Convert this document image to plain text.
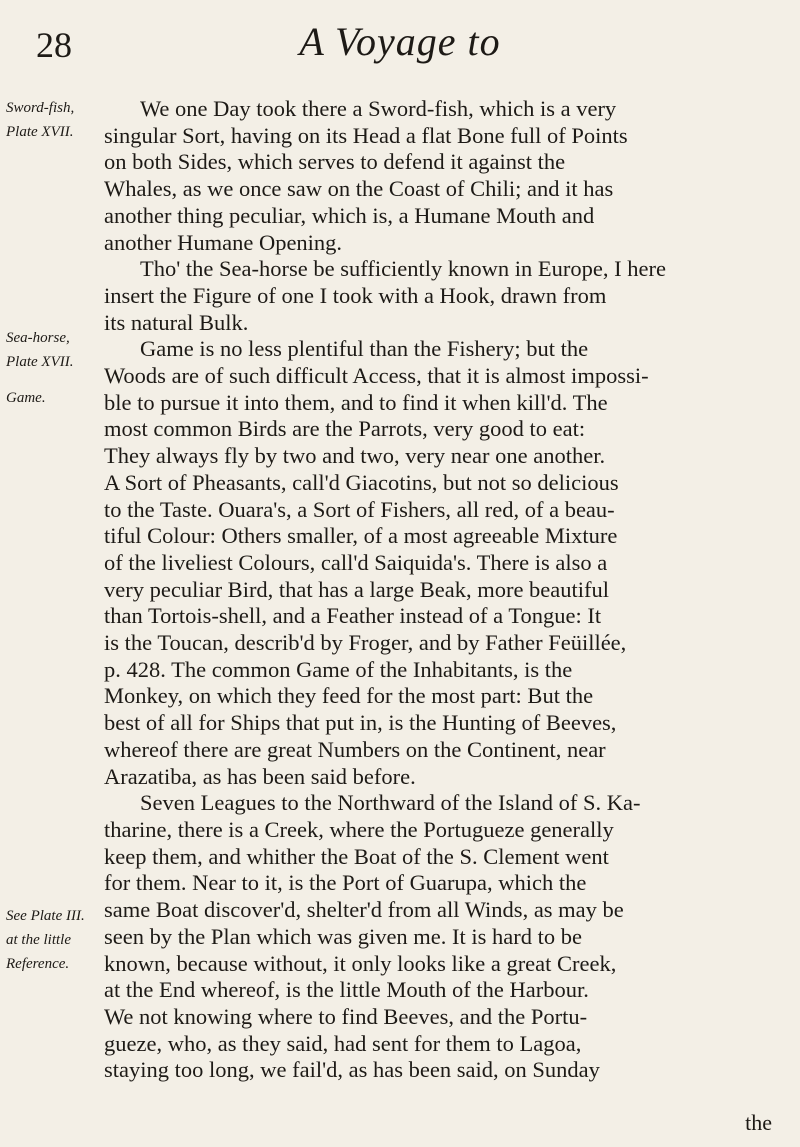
28	A Voyage to
Sword-fish,
Plate XVII.
Sea-horse,
Plate XVII.
Game.
See Plate III.
at the little
Reference.

We one Day took there a Sword-fish, which is a very
singular Sort, having on its Head a flat Bone full of Points
on both Sides, which serves to defend it against the
Whales, as we once saw on the Coast of Chili; and it has
another thing peculiar, which is, a Humane Mouth and
another Humane Opening.

Tho' the Sea-horse be sufficiently known in Europe, I here
insert the Figure of one I took with a Hook, drawn from
its natural Bulk.

Game is no less plentiful than the Fishery; but the
Woods are of such difficult Access, that it is almost impossi-
ble to pursue it into them, and to find it when kill'd. The
most common Birds are the Parrots, very good to eat:
They always fly by two and two, very near one another.
A Sort of Pheasants, call'd Giacotins, but not so delicious
to the Taste. Ouara's, a Sort of Fishers, all red, of a beau-
tiful Colour: Others smaller, of a most agreeable Mixture
of the liveliest Colours, call'd Saiquida's. There is also a
very peculiar Bird, that has a large Beak, more beautiful
than Tortois-shell, and a Feather instead of a Tongue: It
is the Toucan, describ'd by Froger, and by Father Feüillée,
p. 428. The common Game of the Inhabitants, is the
Monkey, on which they feed for the most part: But the
best of all for Ships that put in, is the Hunting of Beeves,
whereof there are great Numbers on the Continent, near
Arazatiba, as has been said before.

Seven Leagues to the Northward of the Island of S. Ka-
tharine, there is a Creek, where the Portugueze generally
keep them, and whither the Boat of the S. Clement went
for them. Near to it, is the Port of Guarupa, which the
same Boat discover'd, shelter'd from all Winds, as may be
seen by the Plan which was given me. It is hard to be
known, because without, it only looks like a great Creek,
at the End whereof, is the little Mouth of the Harbour.
We not knowing where to find Beeves, and the Portu-
gueze, who, as they said, had sent for them to Lagoa,
staying too long, we fail'd, as has been said, on Sunday

the
